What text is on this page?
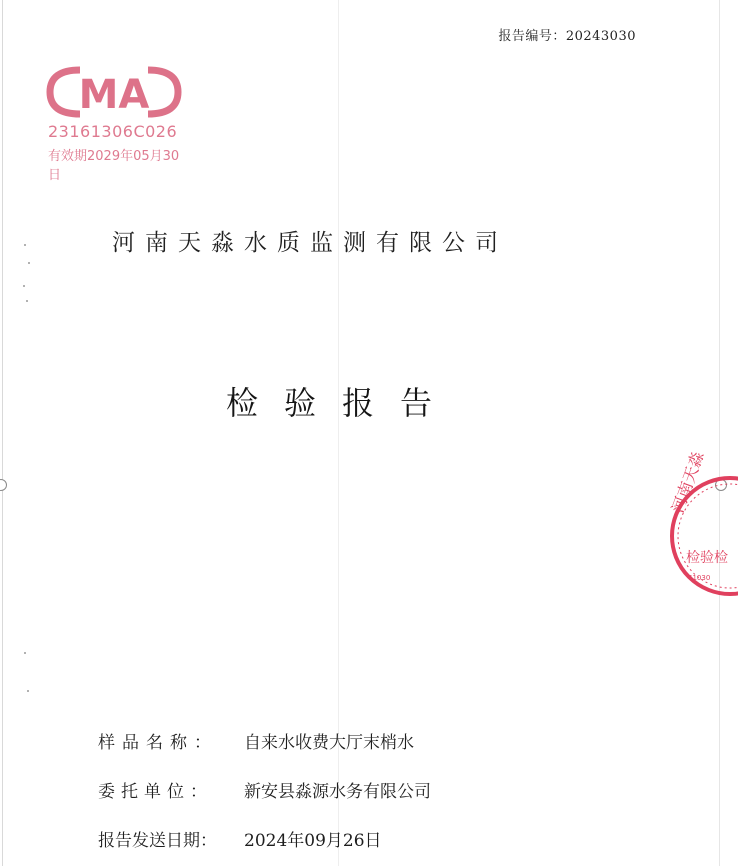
报告编号：20243030
MA
23161306C026
有效期2029年05月30日
河南天淼水质监测有限公司
检验报告
河南天淼
检验检
41030
样品名称： 自来水收费大厅末梢水
委托单位： 新安县淼源水务有限公司
报告发送日期： 2024年09月26日
